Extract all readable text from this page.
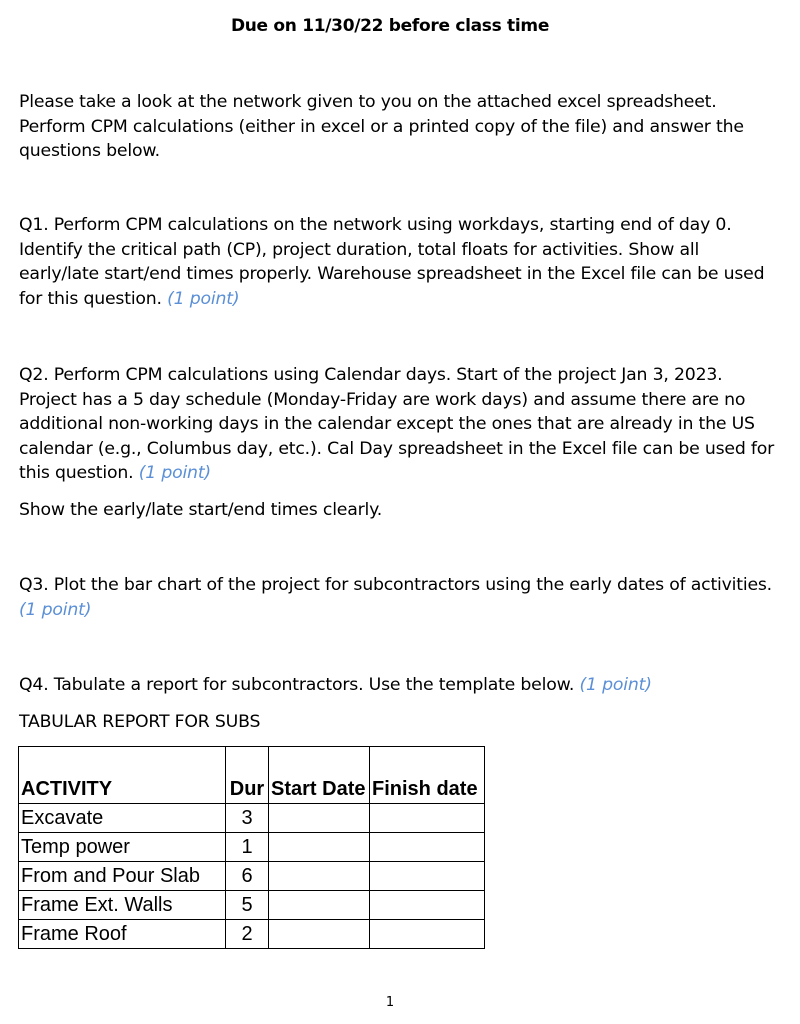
Due on 11/30/22 before class time

Please take a look at the network given to you on the attached excel spreadsheet. Perform CPM calculations (either in excel or a printed copy of the file) and answer the questions below.

Q1. Perform CPM calculations on the network using workdays, starting end of day 0. Identify the critical path (CP), project duration, total floats for activities. Show all early/late start/end times properly. Warehouse spreadsheet in the Excel file can be used for this question. (1 point)

Q2. Perform CPM calculations using Calendar days. Start of the project Jan 3, 2023. Project has a 5 day schedule (Monday-Friday are work days) and assume there are no additional non-working days in the calendar except the ones that are already in the US calendar (e.g., Columbus day, etc.). Cal Day spreadsheet in the Excel file can be used for this question. (1 point)

Show the early/late start/end times clearly.

Q3. Plot the bar chart of the project for subcontractors using the early dates of activities. (1 point)

Q4. Tabulate a report for subcontractors. Use the template below. (1 point)

TABULAR REPORT FOR SUBS

ACTIVITY	Dur	Start Date	Finish date
Excavate	3		
Temp power	1		
From and Pour Slab	6		
Frame Ext. Walls	5		
Frame Roof	2		
1
